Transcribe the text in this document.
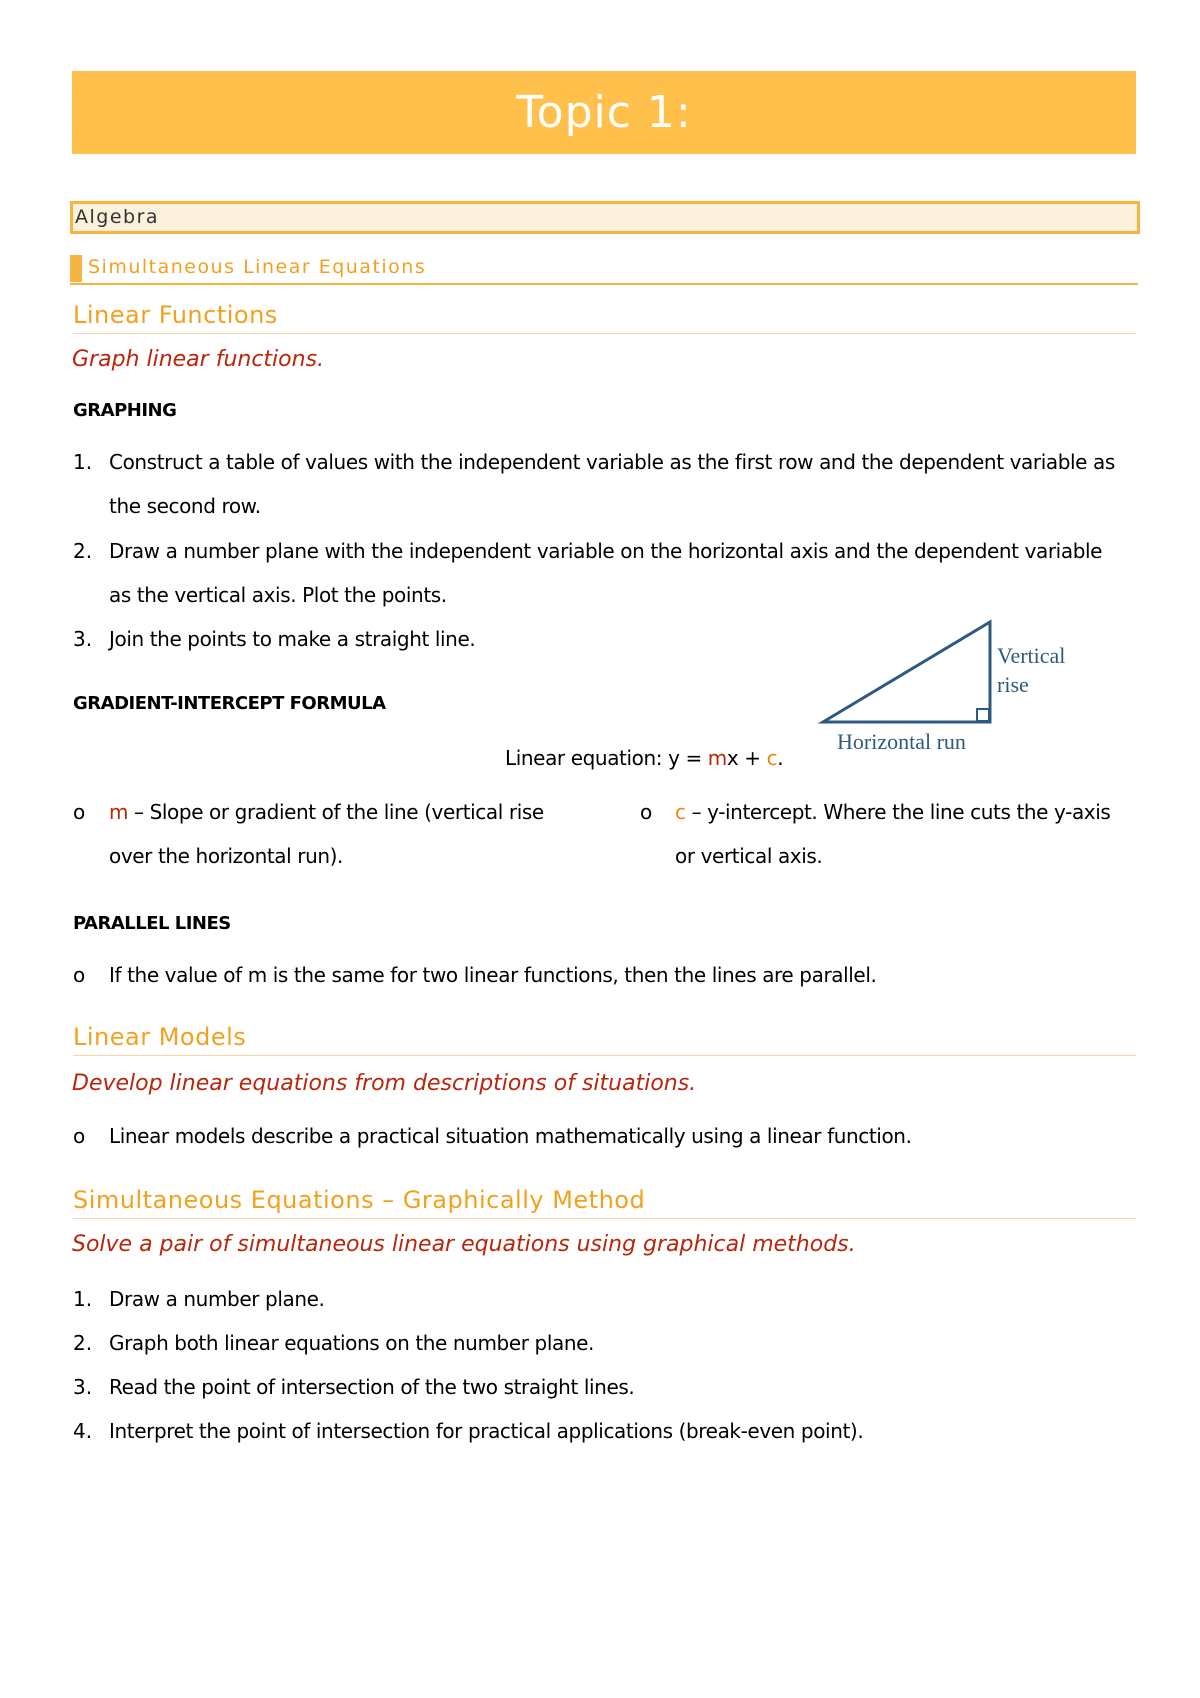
Topic 1:
Algebra
Simultaneous Linear Equations
Linear Functions
Graph linear functions.
GRAPHING
1. Construct a table of values with the independent variable as the first row and the dependent variable as
the second row.
2. Draw a number plane with the independent variable on the horizontal axis and the dependent variable
as the vertical axis. Plot the points.
3. Join the points to make a straight line.
GRADIENT-INTERCEPT FORMULA
Vertical
rise
Horizontal run
Linear equation: y = mx + c.
o m – Slope or gradient of the line (vertical rise
over the horizontal run).
o c – y-intercept. Where the line cuts the y-axis
or vertical axis.
PARALLEL LINES
o If the value of m is the same for two linear functions, then the lines are parallel.
Linear Models
Develop linear equations from descriptions of situations.
o Linear models describe a practical situation mathematically using a linear function.
Simultaneous Equations – Graphically Method
Solve a pair of simultaneous linear equations using graphical methods.
1. Draw a number plane.
2. Graph both linear equations on the number plane.
3. Read the point of intersection of the two straight lines.
4. Interpret the point of intersection for practical applications (break-even point).
